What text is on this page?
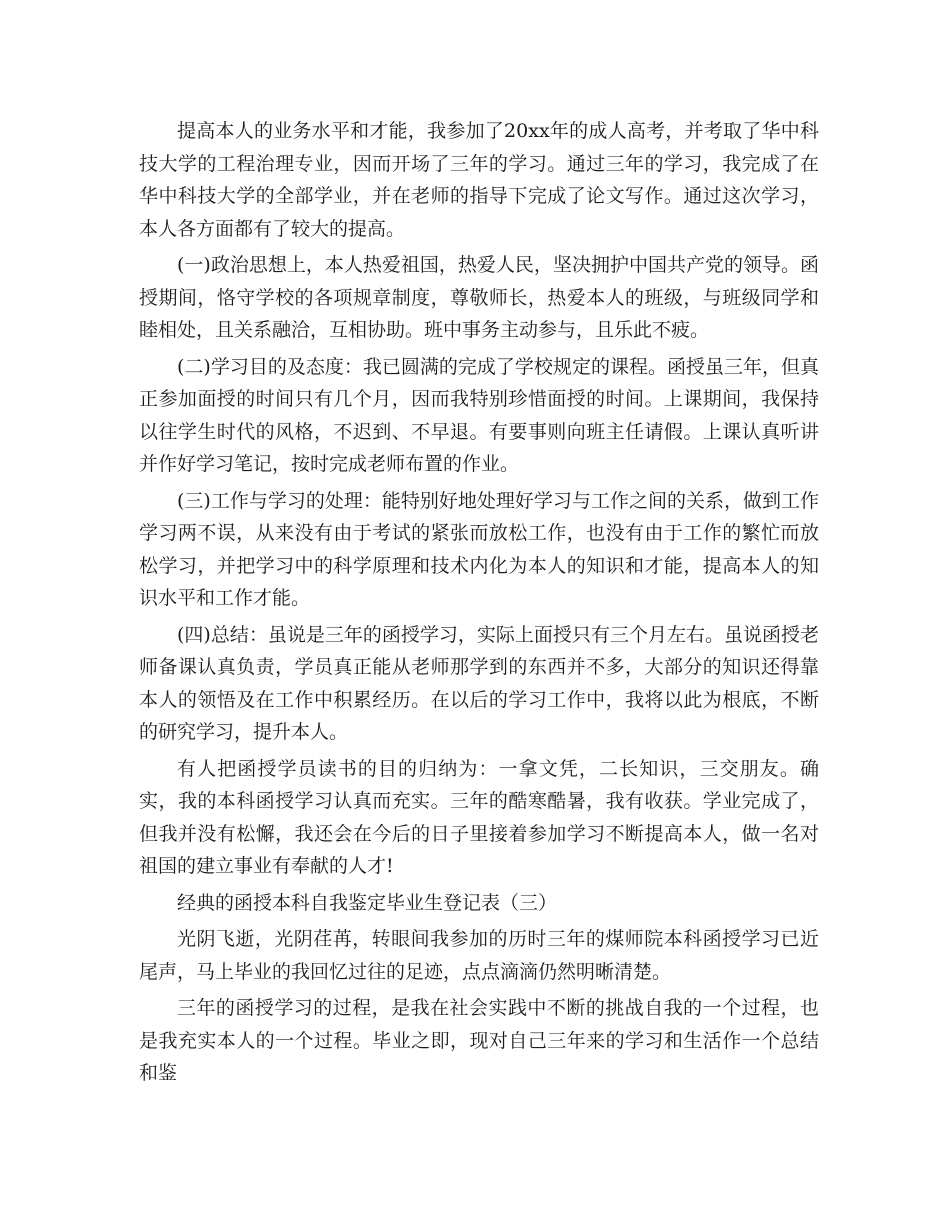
提高本人的业务水平和才能，我参加了20xx年的成人高考，并考取了华中科技大学的工程治理专业，因而开场了三年的学习。通过三年的学习，我完成了在华中科技大学的全部学业，并在老师的指导下完成了论文写作。通过这次学习，本人各方面都有了较大的提高。

(一)政治思想上，本人热爱祖国，热爱人民，坚决拥护中国共产党的领导。函授期间，恪守学校的各项规章制度，尊敬师长，热爱本人的班级，与班级同学和睦相处，且关系融洽，互相协助。班中事务主动参与，且乐此不疲。

(二)学习目的及态度：我已圆满的完成了学校规定的课程。函授虽三年，但真正参加面授的时间只有几个月，因而我特别珍惜面授的时间。上课期间，我保持以往学生时代的风格，不迟到、不早退。有要事则向班主任请假。上课认真听讲并作好学习笔记，按时完成老师布置的作业。

(三)工作与学习的处理：能特别好地处理好学习与工作之间的关系，做到工作学习两不误，从来没有由于考试的紧张而放松工作，也没有由于工作的繁忙而放松学习，并把学习中的科学原理和技术内化为本人的知识和才能，提高本人的知识水平和工作才能。

(四)总结：虽说是三年的函授学习，实际上面授只有三个月左右。虽说函授老师备课认真负责，学员真正能从老师那学到的东西并不多，大部分的知识还得靠本人的领悟及在工作中积累经历。在以后的学习工作中，我将以此为根底，不断的研究学习，提升本人。

有人把函授学员读书的目的归纳为：一拿文凭，二长知识，三交朋友。确实，我的本科函授学习认真而充实。三年的酷寒酷暑，我有收获。学业完成了，但我并没有松懈，我还会在今后的日子里接着参加学习不断提高本人，做一名对祖国的建立事业有奉献的人才!

经典的函授本科自我鉴定毕业生登记表（三）

光阴飞逝，光阴荏苒，转眼间我参加的历时三年的煤师院本科函授学习已近尾声，马上毕业的我回忆过往的足迹，点点滴滴仍然明晰清楚。

三年的函授学习的过程，是我在社会实践中不断的挑战自我的一个过程，也是我充实本人的一个过程。毕业之即，现对自己三年来的学习和生活作一个总结和鉴
